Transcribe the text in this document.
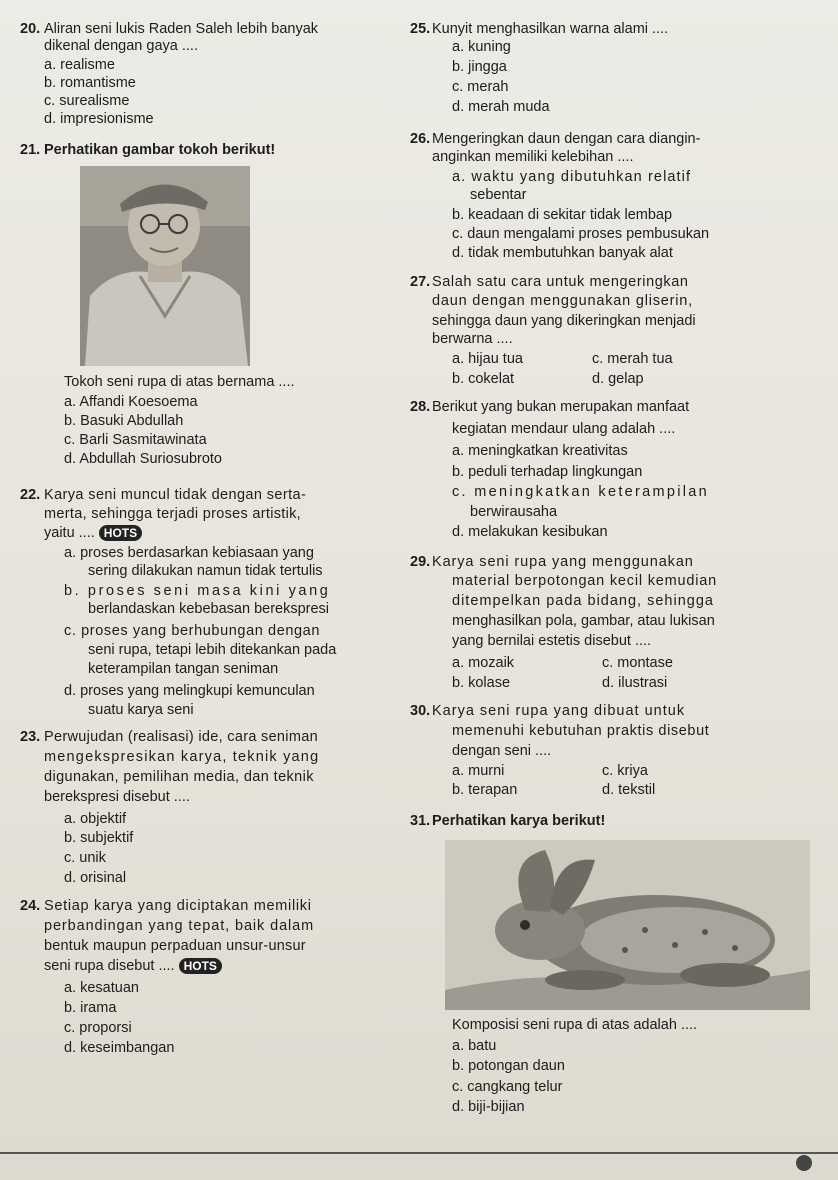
20. Aliran seni lukis Raden Saleh lebih banyak
dikenal dengan gaya ....
a. realisme
b. romantisme
c. surealisme
d. impresionisme
21. Perhatikan gambar tokoh berikut!
Tokoh seni rupa di atas bernama ....
a. Affandi Koesoema
b. Basuki Abdullah
c. Barli Sasmitawinata
d. Abdullah Suriosubroto
22. Karya seni muncul tidak dengan serta-
merta, sehingga terjadi proses artistik,
yaitu .... HOTS
a. proses berdasarkan kebiasaan yang
sering dilakukan namun tidak tertulis
b. proses seni masa kini yang
berlandaskan kebebasan berekspresi
c. proses yang berhubungan dengan
seni rupa, tetapi lebih ditekankan pada
keterampilan tangan seniman
d. proses yang melingkupi kemunculan
suatu karya seni
23. Perwujudan (realisasi) ide, cara seniman
mengekspresikan karya, teknik yang
digunakan, pemilihan media, dan teknik
berekspresi disebut ....
a. objektif
b. subjektif
c. unik
d. orisinal
24. Setiap karya yang diciptakan memiliki
perbandingan yang tepat, baik dalam
bentuk maupun perpaduan unsur-unsur
seni rupa disebut .... HOTS
a. kesatuan
b. irama
c. proporsi
d. keseimbangan
25. Kunyit menghasilkan warna alami ....
a. kuning
b. jingga
c. merah
d. merah muda
26. Mengeringkan daun dengan cara diangin-
anginkan memiliki kelebihan ....
a. waktu yang dibutuhkan relatif
sebentar
b. keadaan di sekitar tidak lembap
c. daun mengalami proses pembusukan
d. tidak membutuhkan banyak alat
27. Salah satu cara untuk mengeringkan
daun dengan menggunakan gliserin,
sehingga daun yang dikeringkan menjadi
berwarna ....
a. hijau tua
b. cokelat
c. merah tua
d. gelap
28. Berikut yang bukan merupakan manfaat
kegiatan mendaur ulang adalah ....
a. meningkatkan kreativitas
b. peduli terhadap lingkungan
c. meningkatkan keterampilan
berwirausaha
d. melakukan kesibukan
29. Karya seni rupa yang menggunakan
material berpotongan kecil kemudian
ditempelkan pada bidang, sehingga
menghasilkan pola, gambar, atau lukisan
yang bernilai estetis disebut ....
a. mozaik
b. kolase
c. montase
d. ilustrasi
30. Karya seni rupa yang dibuat untuk
memenuhi kebutuhan praktis disebut
dengan seni ....
a. murni
b. terapan
c. kriya
d. tekstil
31. Perhatikan karya berikut!
Komposisi seni rupa di atas adalah ....
a. batu
b. potongan daun
c. cangkang telur
d. biji-bijian
